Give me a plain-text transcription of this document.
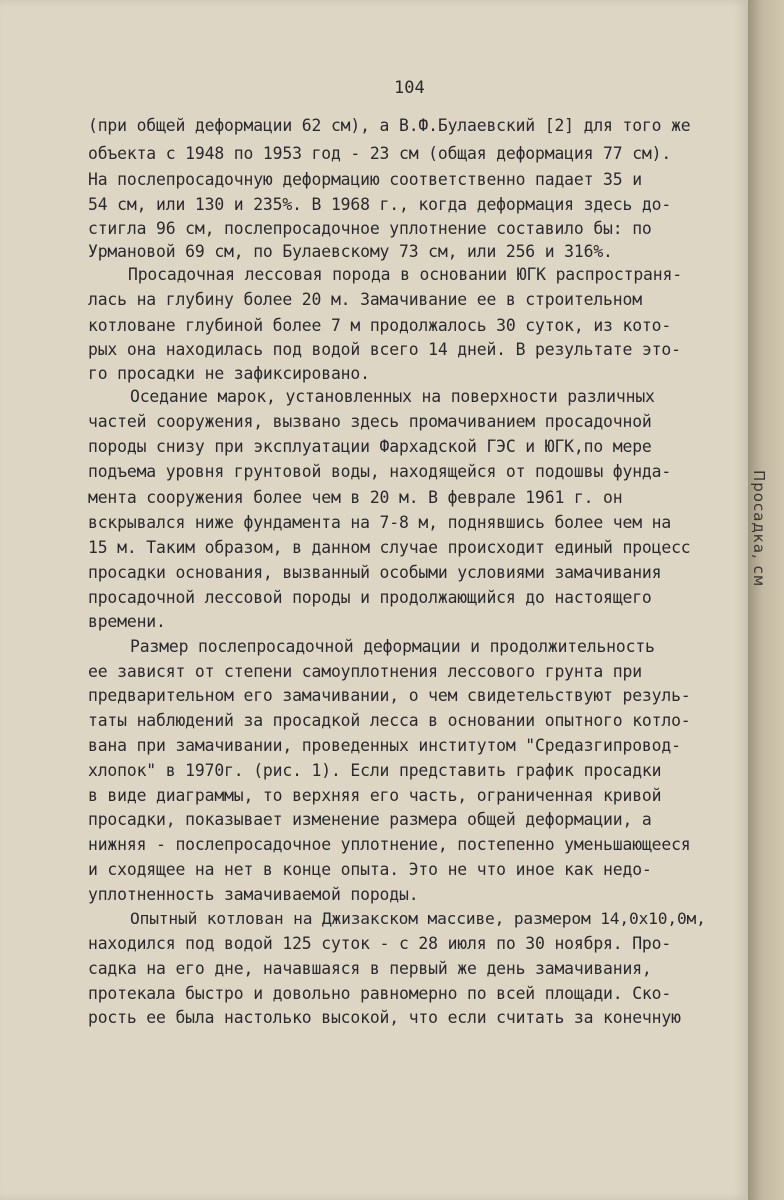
104
(при общей деформации 62 см), а В.Ф.Булаевский [2] для того же
объекта с 1948 по 1953 год - 23 см (общая деформация 77 см).
На послепросадочную деформацию соответственно падает 35 и
54 см, или 130 и 235%. В 1968 г., когда деформация здесь до-
стигла 96 см, послепросадочное уплотнение составило бы: по
Урмановой 69 см, по Булаевскому 73 см, или 256 и 316%.
Просадочная лессовая порода в основании ЮГК распространя-
лась на глубину более 20 м. Замачивание ее в строительном
котловане глубиной более 7 м продолжалось 30 суток, из кото-
рых она находилась под водой всего 14 дней. В результате это-
го просадки не зафиксировано.
Оседание марок, установленных на поверхности различных
частей сооружения, вызвано здесь промачиванием просадочной
породы снизу при эксплуатации Фархадской ГЭС и ЮГК,по мере
подъема уровня грунтовой воды, находящейся от подошвы фунда-
мента сооружения более чем в 20 м. В феврале 1961 г. он
вскрывался ниже фундамента на 7-8 м, поднявшись более чем на
15 м. Таким образом, в данном случае происходит единый процесс
просадки основания, вызванный особыми условиями замачивания
просадочной лессовой породы и продолжающийся до настоящего
времени.
Размер послепросадочной деформации и продолжительность
ее зависят от степени самоуплотнения лессового грунта при
предварительном его замачивании, о чем свидетельствуют резуль-
таты наблюдений за просадкой лесса в основании опытного котло-
вана при замачивании, проведенных институтом "Средазгипровод-
хлопок" в 1970г. (рис. 1). Если представить график просадки
в виде диаграммы, то верхняя его часть, ограниченная кривой
просадки, показывает изменение размера общей деформации, а
нижняя - послепросадочное уплотнение, постепенно уменьшающееся
и сходящее на нет в конце опыта. Это не что иное как недо-
уплотненность замачиваемой породы.
Опытный котлован на Джизакском массиве, размером 14,0х10,0м,
находился под водой 125 суток - с 28 июля по 30 ноября. Про-
садка на его дне, начавшаяся в первый же день замачивания,
протекала быстро и довольно равномерно по всей площади. Ско-
рость ее была настолько высокой, что если считать за конечную
Просадка, см
